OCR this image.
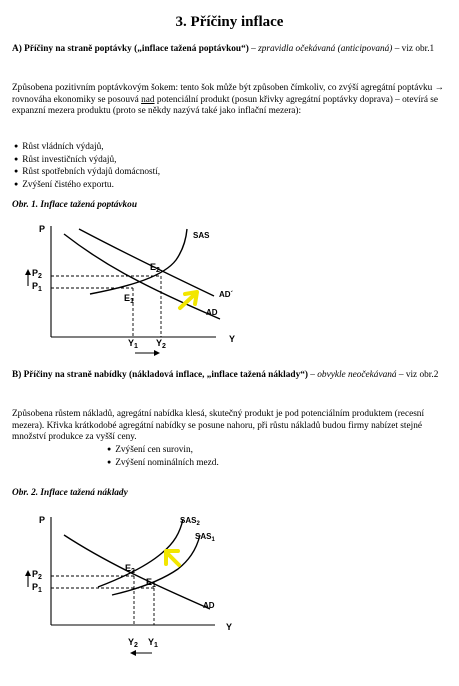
3. Příčiny inflace
A) Příčiny na straně poptávky („inflace tažená poptávkou“) – zpravidla očekávaná (anticipovaná) – viz obr.1
Způsobena pozitivním poptávkovým šokem: tento šok může být způsoben čímkoliv, co zvýší agregátní poptávku → rovnováha ekonomiky se posouvá nad potenciální produkt (posun křivky agregátní poptávky doprava) – otevírá se expanzní mezera produktu (proto se někdy nazývá také jako inflační mezera):
● Růst vládních výdajů,
● Růst investičních výdajů,
● Růst spotřebních výdajů domácností,
● Zvýšení čistého exportu.
Obr. 1. Inflace tažená poptávkou
P
Y
SAS
AD´
AD
$E_2$
$E_1$
$P_2$
$P_1$
$Y_1$ $Y_2$
B) Příčiny na straně nabídky (nákladová inflace, „inflace tažená náklady“) – obvykle neočekávaná – viz obr.2
Způsobena růstem nákladů, agregátní nabídka klesá, skutečný produkt je pod potenciálním produktem (recesní mezera). Křivka krátkodobé agregátní nabídky se posune nahoru, při růstu nákladů budou firmy nabízet stejné množství produkce za vyšší ceny.
● Zvýšení cen surovin,
● Zvýšení nominálních mezd.
Obr. 2. Inflace tažená náklady
P
Y
$SAS_2$
$SAS_1$
AD
$E_2$
$E_1$
$P_2$
$P_1$
$Y_2$ $Y_1$
